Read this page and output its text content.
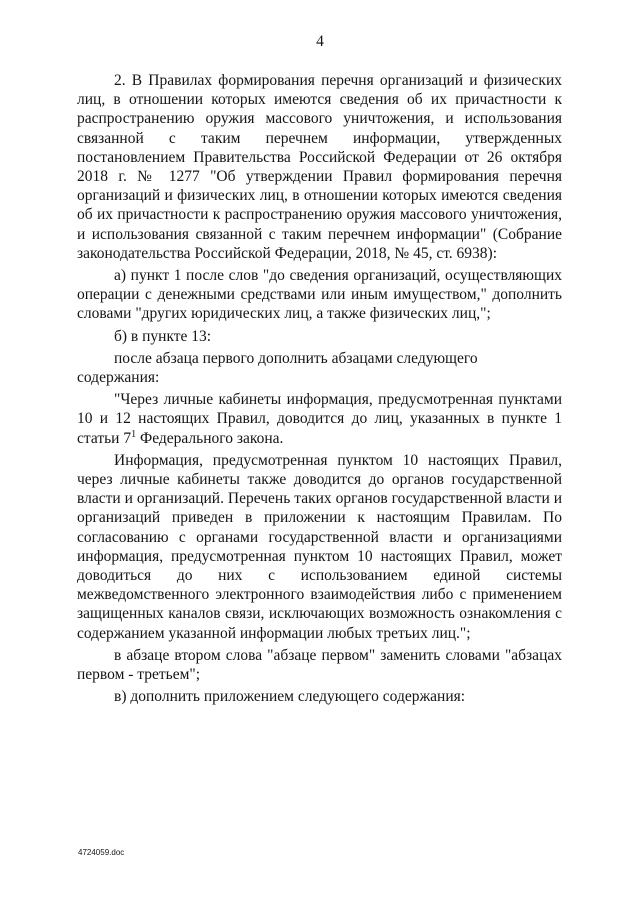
4

2. В Правилах формирования перечня организаций и физических лиц, в отношении которых имеются сведения об их причастности к распространению оружия массового уничтожения, и использования связанной с таким перечнем информации, утвержденных постановлением Правительства Российской Федерации от 26 октября 2018 г. № 1277 "Об утверждении Правил формирования перечня организаций и физических лиц, в отношении которых имеются сведения об их причастности к распространению оружия массового уничтожения, и использования связанной с таким перечнем информации" (Собрание законодательства Российской Федерации, 2018, № 45, ст. 6938):

а) пункт 1 после слов "до сведения организаций, осуществляющих операции с денежными средствами или иным имуществом," дополнить словами "других юридических лиц, а также физических лиц,";

б) в пункте 13:

после абзаца первого дополнить абзацами следующего содержания:

"Через личные кабинеты информация, предусмотренная пунктами 10 и 12 настоящих Правил, доводится до лиц, указанных в пункте 1 статьи $7^1$ Федерального закона.

Информация, предусмотренная пунктом 10 настоящих Правил, через личные кабинеты также доводится до органов государственной власти и организаций. Перечень таких органов государственной власти и организаций приведен в приложении к настоящим Правилам. По согласованию с органами государственной власти и организациями информация, предусмотренная пунктом 10 настоящих Правил, может доводиться до них с использованием единой системы межведомственного электронного взаимодействия либо с применением защищенных каналов связи, исключающих возможность ознакомления с содержанием указанной информации любых третьих лиц.";

в абзаце втором слова "абзаце первом" заменить словами "абзацах первом - третьем";

в) дополнить приложением следующего содержания:

4724059.doc
